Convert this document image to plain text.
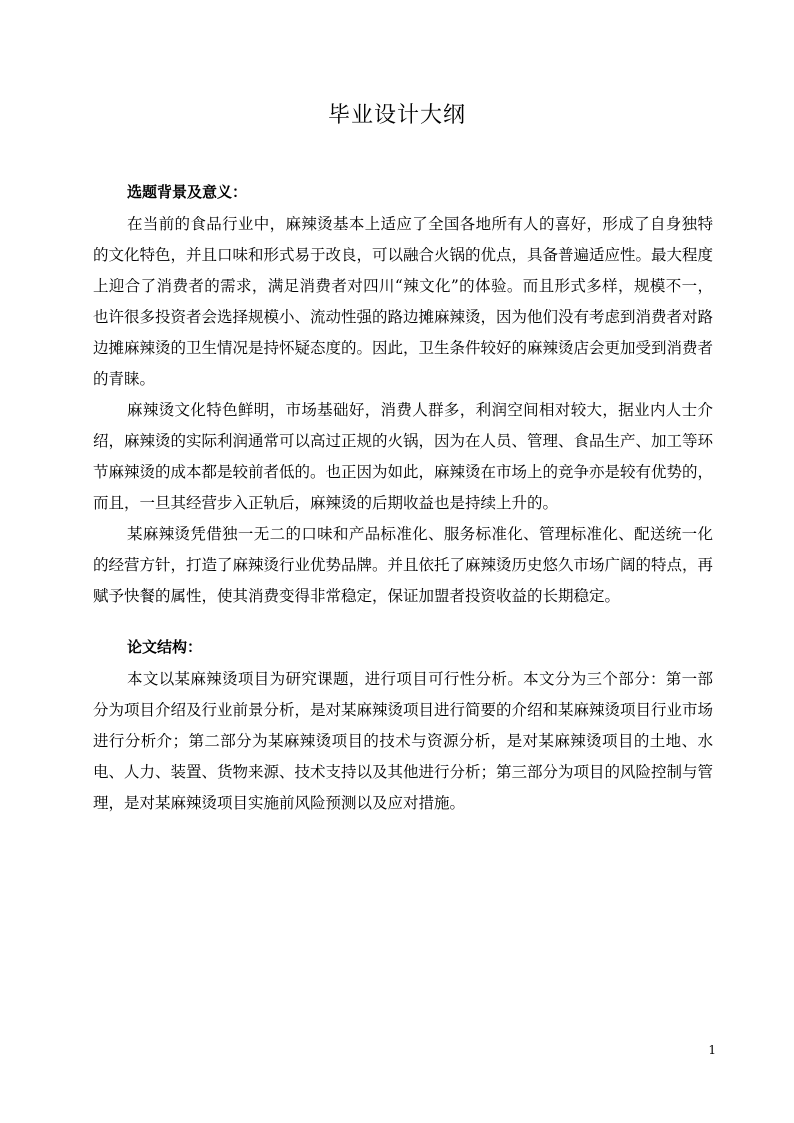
毕业设计大纲

选题背景及意义：

在当前的食品行业中，麻辣烫基本上适应了全国各地所有人的喜好，形成了自身独特的文化特色，并且口味和形式易于改良，可以融合火锅的优点，具备普遍适应性。最大程度上迎合了消费者的需求，满足消费者对四川“辣文化”的体验。而且形式多样，规模不一，也许很多投资者会选择规模小、流动性强的路边摊麻辣烫，因为他们没有考虑到消费者对路边摊麻辣烫的卫生情况是持怀疑态度的。因此，卫生条件较好的麻辣烫店会更加受到消费者的青睐。

麻辣烫文化特色鲜明，市场基础好，消费人群多，利润空间相对较大，据业内人士介绍，麻辣烫的实际利润通常可以高过正规的火锅，因为在人员、管理、食品生产、加工等环节麻辣烫的成本都是较前者低的。也正因为如此，麻辣烫在市场上的竞争亦是较有优势的，而且，一旦其经营步入正轨后，麻辣烫的后期收益也是持续上升的。

某麻辣烫凭借独一无二的口味和产品标准化、服务标准化、管理标准化、配送统一化的经营方针，打造了麻辣烫行业优势品牌。并且依托了麻辣烫历史悠久市场广阔的特点，再赋予快餐的属性，使其消费变得非常稳定，保证加盟者投资收益的长期稳定。

论文结构：

本文以某麻辣烫项目为研究课题，进行项目可行性分析。本文分为三个部分：第一部分为项目介绍及行业前景分析，是对某麻辣烫项目进行简要的介绍和某麻辣烫项目行业市场进行分析介；第二部分为某麻辣烫项目的技术与资源分析，是对某麻辣烫项目的土地、水电、人力、装置、货物来源、技术支持以及其他进行分析；第三部分为项目的风险控制与管理，是对某麻辣烫项目实施前风险预测以及应对措施。

1
